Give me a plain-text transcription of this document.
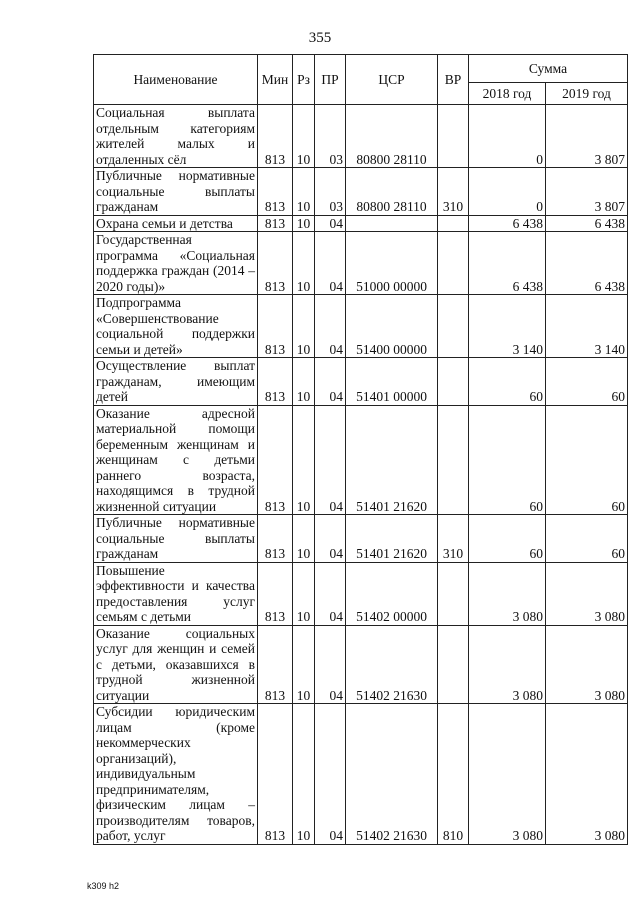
355
Наименование	Мин	Рз	ПР	ЦСР	ВР	Сумма	
						2018 год	2019 год
Социальная выплата отдельным категориям жителей малых и отдаленных сёл	813	10	03	80800 28110		0	3 807
Публичные нормативные социальные выплаты гражданам	813	10	03	80800 28110	310	0	3 807
Охрана семьи и детства	813	10	04			6 438	6 438
Государственная программа «Социальная поддержка граждан (2014 – 2020 годы)»	813	10	04	51000 00000		6 438	6 438
Подпрограмма «Совершенствование социальной поддержки семьи и детей»	813	10	04	51400 00000		3 140	3 140
Осуществление выплат гражданам, имеющим детей	813	10	04	51401 00000		60	60
Оказание адресной материальной помощи беременным женщинам и женщинам с детьми раннего возраста, находящимся в трудной жизненной ситуации	813	10	04	51401 21620		60	60
Публичные нормативные социальные выплаты гражданам	813	10	04	51401 21620	310	60	60
Повышение эффективности и качества предоставления услуг семьям с детьми	813	10	04	51402 00000		3 080	3 080
Оказание социальных услуг для женщин и семей с детьми, оказавшихся в трудной жизненной ситуации	813	10	04	51402 21630		3 080	3 080
Субсидии юридическим лицам (кроме некоммерческих организаций), индивидуальным предпринимателям, физическим лицам – производителям товаров, работ, услуг	813	10	04	51402 21630	810	3 080	3 080
k309 h2
